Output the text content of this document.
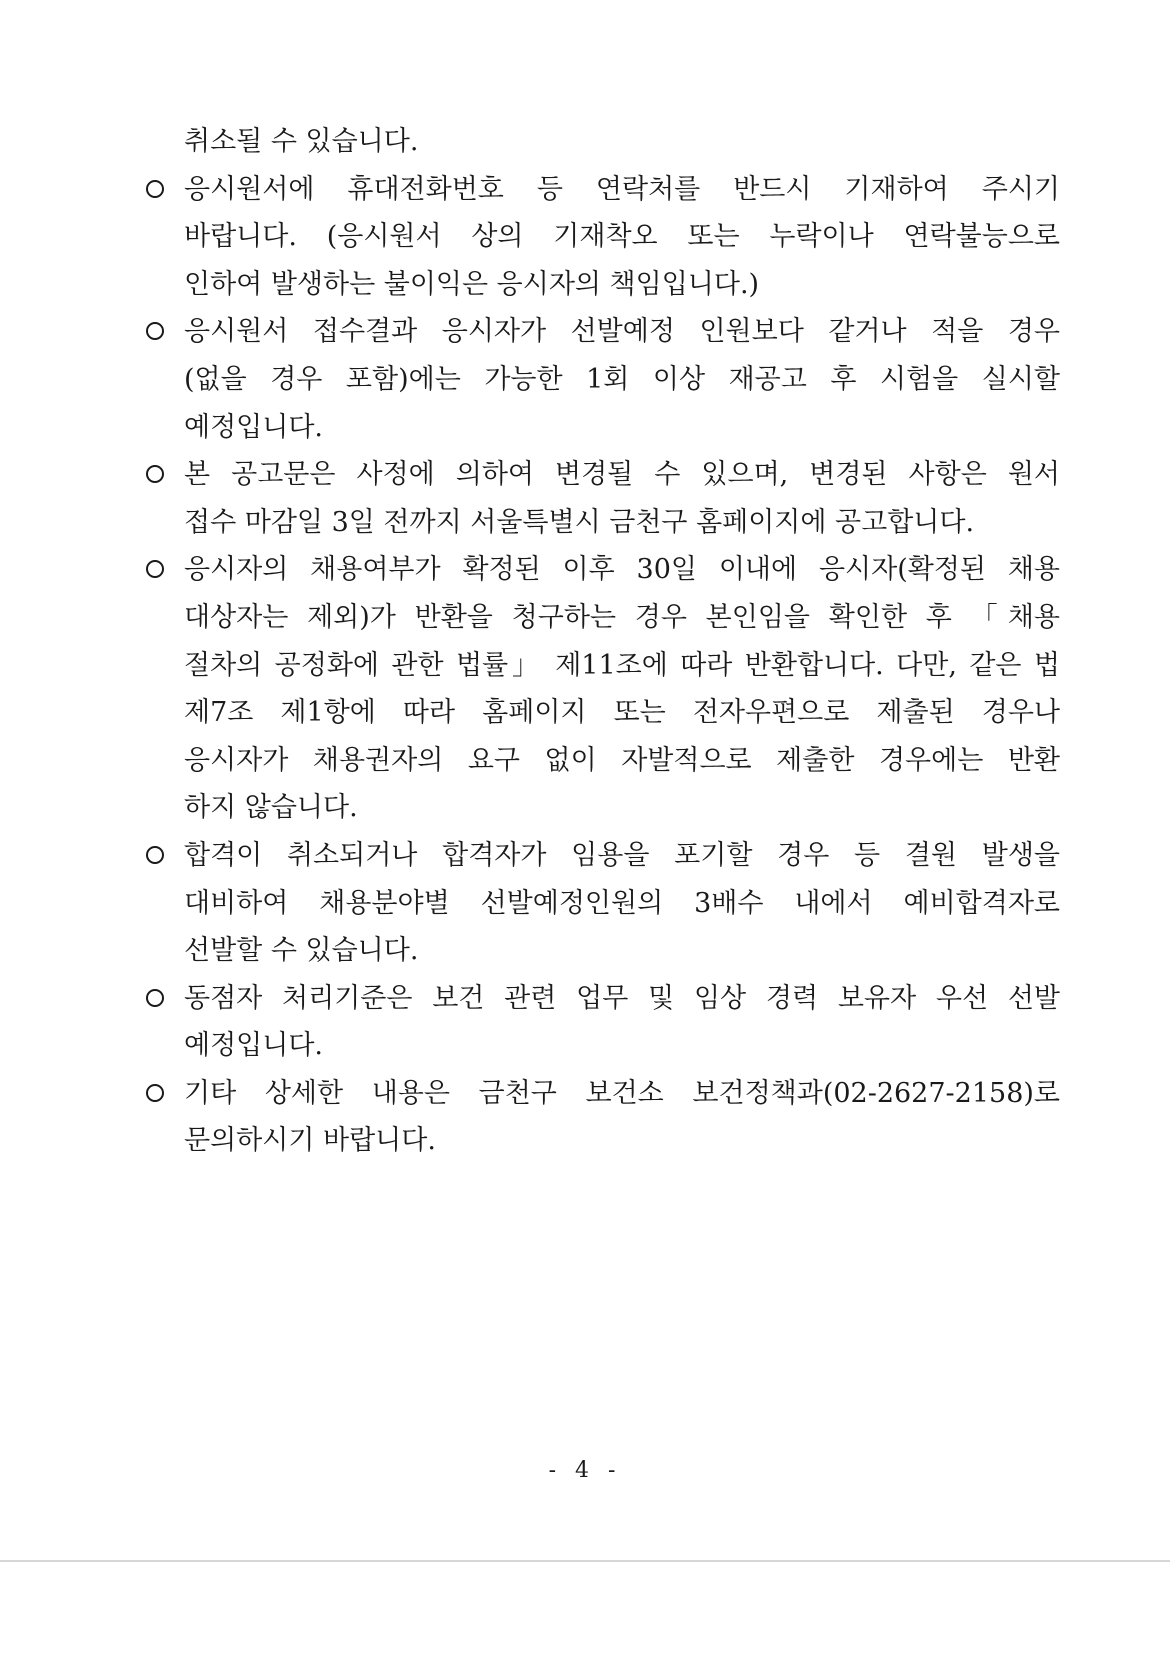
취소될 수 있습니다.
응시원서에 휴대전화번호 등 연락처를 반드시 기재하여 주시기
바랍니다. (응시원서 상의 기재착오 또는 누락이나 연락불능으로
인하여 발생하는 불이익은 응시자의 책임입니다.)
응시원서 접수결과 응시자가 선발예정 인원보다 같거나 적을 경우
(없을 경우 포함)에는 가능한 1회 이상 재공고 후 시험을 실시할
예정입니다.
본 공고문은 사정에 의하여 변경될 수 있으며, 변경된 사항은 원서
접수 마감일 3일 전까지 서울특별시 금천구 홈페이지에 공고합니다.
응시자의 채용여부가 확정된 이후 30일 이내에 응시자(확정된 채용
대상자는 제외)가 반환을 청구하는 경우 본인임을 확인한 후 「채용
절차의 공정화에 관한 법률」 제11조에 따라 반환합니다. 다만, 같은 법
제7조 제1항에 따라 홈페이지 또는 전자우편으로 제출된 경우나
응시자가 채용권자의 요구 없이 자발적으로 제출한 경우에는 반환
하지 않습니다.
합격이 취소되거나 합격자가 임용을 포기할 경우 등 결원 발생을
대비하여 채용분야별 선발예정인원의 3배수 내에서 예비합격자로
선발할 수 있습니다.
동점자 처리기준은 보건 관련 업무 및 임상 경력 보유자 우선 선발
예정입니다.
기타 상세한 내용은 금천구 보건소 보건정책과(02-2627-2158)로
문의하시기 바랍니다.
- 4 -
